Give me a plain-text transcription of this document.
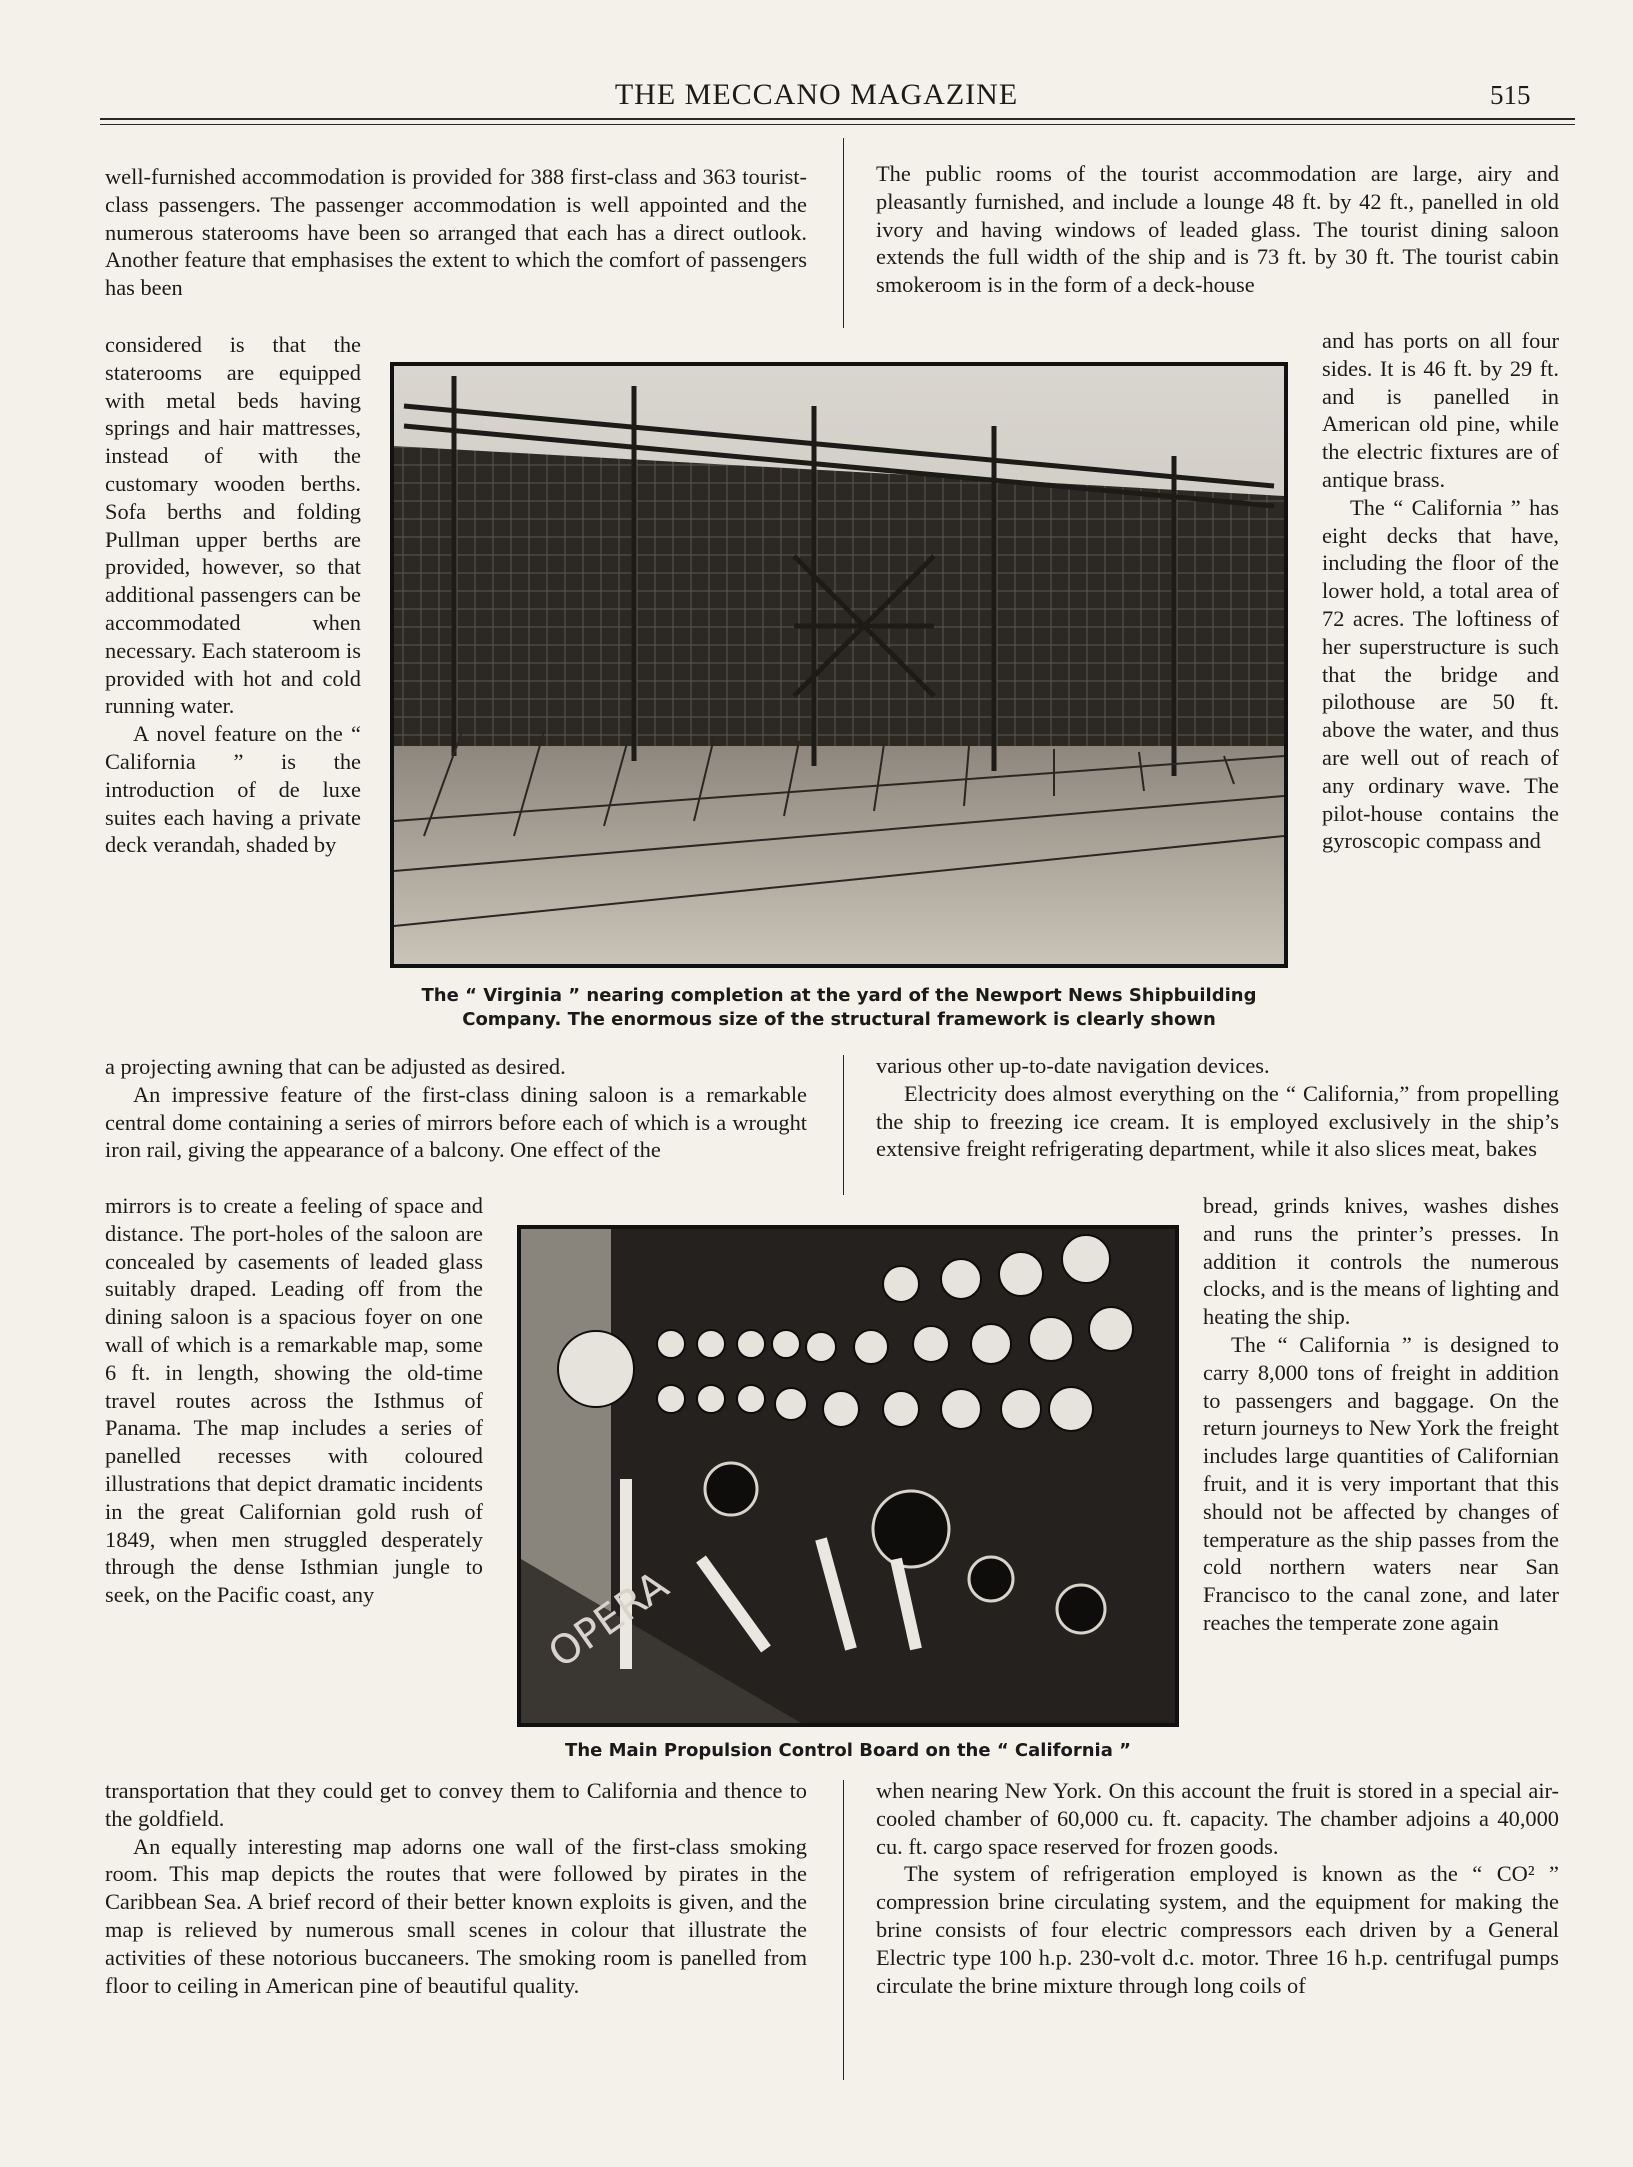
THE MECCANO MAGAZINE	515

well-furnished accommodation is provided for 388 first-class and 363 tourist-class passengers. The passenger accommodation is well appointed and the numerous staterooms have been so arranged that each has a direct outlook. Another feature that emphasises the extent to which the comfort of passengers has been

considered is that the staterooms are equipped with metal beds having springs and hair mattresses, instead of with the customary wooden berths. Sofa berths and folding Pullman upper berths are provided, however, so that additional passengers can be accommodated when necessary. Each stateroom is provided with hot and cold running water.

A novel feature on the “ California ” is the introduction of de luxe suites each having a private deck verandah, shaded by

a projecting awning that can be adjusted as desired.

An impressive feature of the first-class dining saloon is a remarkable central dome containing a series of mirrors before each of which is a wrought iron rail, giving the appearance of a balcony. One effect of the

mirrors is to create a feeling of space and distance. The port-holes of the saloon are concealed by casements of leaded glass suitably draped. Leading off from the dining saloon is a spacious foyer on one wall of which is a remarkable map, some 6 ft. in length, showing the old-time travel routes across the Isthmus of Panama. The map includes a series of panelled recesses with coloured illustrations that depict dramatic incidents in the great Californian gold rush of 1849, when men struggled desperately through the dense Isthmian jungle to seek, on the Pacific coast, any

transportation that they could get to convey them to California and thence to the goldfield.

An equally interesting map adorns one wall of the first-class smoking room. This map depicts the routes that were followed by pirates in the Caribbean Sea. A brief record of their better known exploits is given, and the map is relieved by numerous small scenes in colour that illustrate the activities of these notorious buccaneers. The smoking room is panelled from floor to ceiling in American pine of beautiful quality.

The public rooms of the tourist accommodation are large, airy and pleasantly furnished, and include a lounge 48 ft. by 42 ft., panelled in old ivory and having windows of leaded glass. The tourist dining saloon extends the full width of the ship and is 73 ft. by 30 ft. The tourist cabin smokeroom is in the form of a deck-house

and has ports on all four sides. It is 46 ft. by 29 ft. and is panelled in American old pine, while the electric fixtures are of antique brass.

The “ California ” has eight decks that have, including the floor of the lower hold, a total area of 72 acres. The loftiness of her superstructure is such that the bridge and pilothouse are 50 ft. above the water, and thus are well out of reach of any ordinary wave. The pilot-house contains the gyroscopic compass and

various other up-to-date navigation devices.

Electricity does almost everything on the “ California,” from propelling the ship to freezing ice cream. It is employed exclusively in the ship’s extensive freight refrigerating department, while it also slices meat, bakes

bread, grinds knives, washes dishes and runs the printer’s presses. In addition it controls the numerous clocks, and is the means of lighting and heating the ship.

The “ California ” is designed to carry 8,000 tons of freight in addition to passengers and baggage. On the return journeys to New York the freight includes large quantities of Californian fruit, and it is very important that this should not be affected by changes of temperature as the ship passes from the cold northern waters near San Francisco to the canal zone, and later reaches the temperate zone again

when nearing New York. On this account the fruit is stored in a special air-cooled chamber of 60,000 cu. ft. capacity. The chamber adjoins a 40,000 cu. ft. cargo space reserved for frozen goods.

The system of refrigeration employed is known as the “ CO² ” compression brine circulating system, and the equipment for making the brine consists of four electric compressors each driven by a General Electric type 100 h.p. 230-volt d.c. motor. Three 16 h.p. centrifugal pumps circulate the brine mixture through long coils of

The “ Virginia ” nearing completion at the yard of the Newport News Shipbuilding Company. The enormous size of the structural framework is clearly shown
OPERA
The Main Propulsion Control Board on the “ California ”
